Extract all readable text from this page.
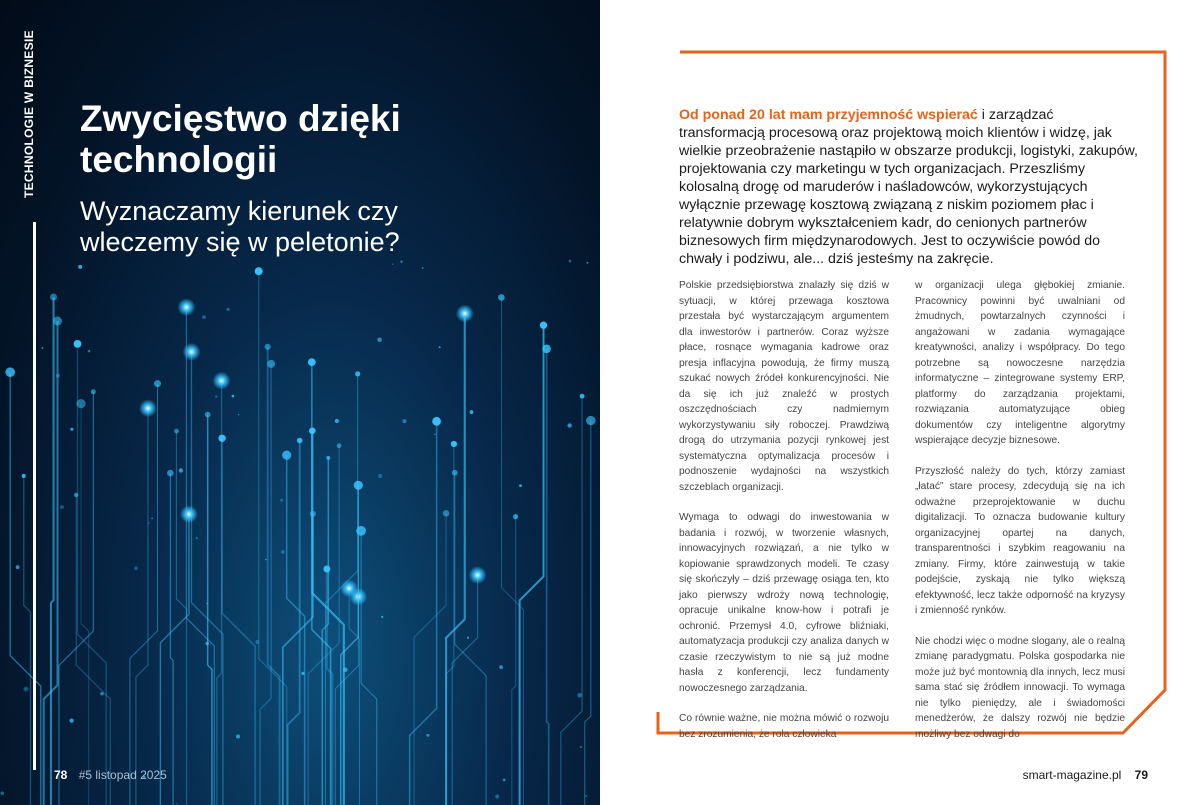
TECHNOLOGIE W BIZNESIE Zwycięstwo dzięki technologii
Wyznaczamy kierunek czy wleczemy się w peletonie?
78 #5 listopad 2025

Od ponad 20 lat mam przyjemność wspierać i zarządzać transformacją procesową oraz projektową moich klientów i widzę, jak wielkie przeobrażenie nastąpiło w obszarze produkcji, logistyki, zakupów, projektowania czy marketingu w tych organizacjach. Przeszliśmy kolosalną drogę od maruderów i naśladowców, wykorzystujących wyłącznie przewagę kosztową związaną z niskim poziomem płac i relatywnie dobrym wykształceniem kadr, do cenionych partnerów biznesowych firm międzynarodowych. Jest to oczywiście powód do chwały i podziwu, ale... dziś jesteśmy na zakręcie.

Polskie przedsiębiorstwa znalazły się dziś w sytuacji, w której przewaga kosztowa przestała być wystarczającym argumentem dla inwestorów i partnerów. Coraz wyższe płace, rosnące wymagania kadrowe oraz presja inflacyjna powodują, że firmy muszą szukać nowych źródeł konkurencyjności. Nie da się ich już znaleźć w prostych oszczędnościach czy nadmiernym wykorzystywaniu siły roboczej. Prawdziwą drogą do utrzymania pozycji rynkowej jest systematyczna optymalizacja procesów i podnoszenie wydajności na wszystkich szczeblach organizacji.

Wymaga to odwagi do inwestowania w badania i rozwój, w tworzenie własnych, innowacyjnych rozwiązań, a nie tylko w kopiowanie sprawdzonych modeli. Te czasy się skończyły – dziś przewagę osiąga ten, kto jako pierwszy wdroży nową technologię, opracuje unikalne know-how i potrafi je ochronić. Przemysł 4.0, cyfrowe bliźniaki, automatyzacja produkcji czy analiza danych w czasie rzeczywistym to nie są już modne hasła z konferencji, lecz fundamenty nowoczesnego zarządzania.

Co równie ważne, nie można mówić o rozwoju bez zrozumienia, że rola człowieka

w organizacji ulega głębokiej zmianie. Pracownicy powinni być uwalniani od żmudnych, powtarzalnych czynności i angażowani w zadania wymagające kreatywności, analizy i współpracy. Do tego potrzebne są nowoczesne narzędzia informatyczne – zintegrowane systemy ERP, platformy do zarządzania projektami, rozwiązania automatyzujące obieg dokumentów czy inteligentne algorytmy wspierające decyzje biznesowe.

Przyszłość należy do tych, którzy zamiast „łatać” stare procesy, zdecydują się na ich odważne przeprojektowanie w duchu digitalizacji. To oznacza budowanie kultury organizacyjnej opartej na danych, transparentności i szybkim reagowaniu na zmiany. Firmy, które zainwestują w takie podejście, zyskają nie tylko większą efektywność, lecz także odporność na kryzysy i zmienność rynków.

Nie chodzi więc o modne slogany, ale o realną zmianę paradygmatu. Polska gospodarka nie może już być montownią dla innych, lecz musi sama stać się źródłem innowacji. To wymaga nie tylko pieniędzy, ale i świadomości menedżerów, że dalszy rozwój nie będzie możliwy bez odwagi do

smart-magazine.pl 79
